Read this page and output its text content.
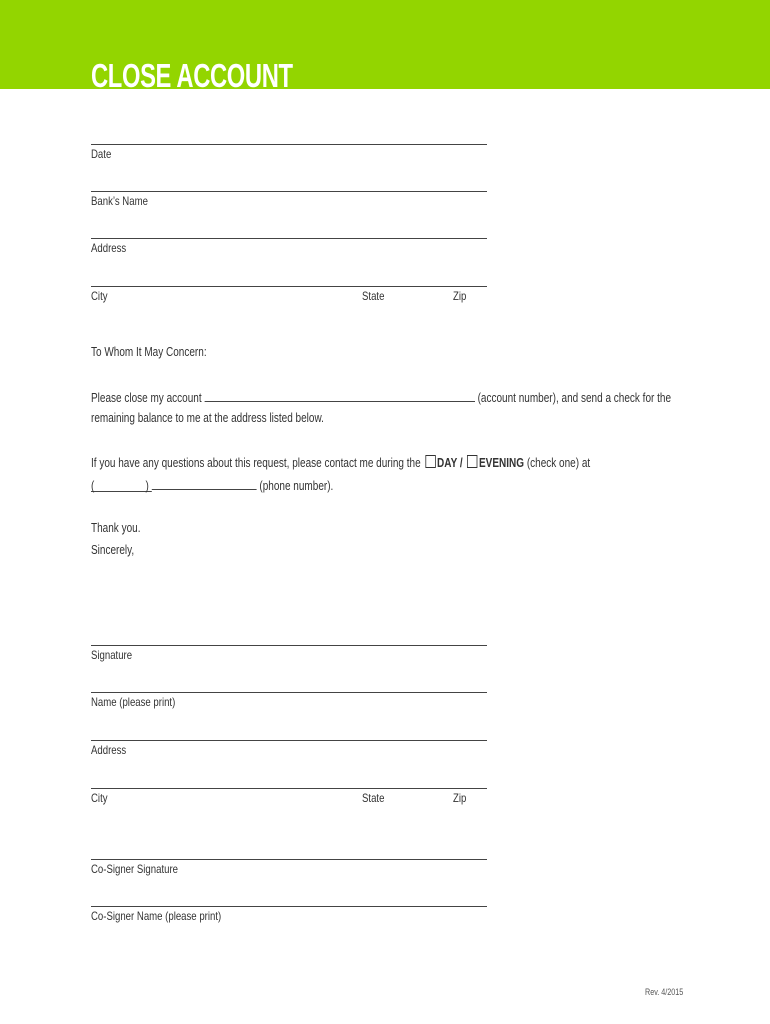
CLOSE ACCOUNT
Date
Bank’s Name
Address
City	State	Zip
To Whom It May Concern:
Please close my account	(account number), and send a check for the
remaining balance to me at the address listed below.
If you have any questions about this request, please contact me during the DAY / EVENING (check one) at
(	)	(phone number).
Thank you.
Sincerely,
Signature
Name (please print)
Address
City	State	Zip
Co-Signer Signature
Co-Signer Name (please print)
Rev. 4/2015
